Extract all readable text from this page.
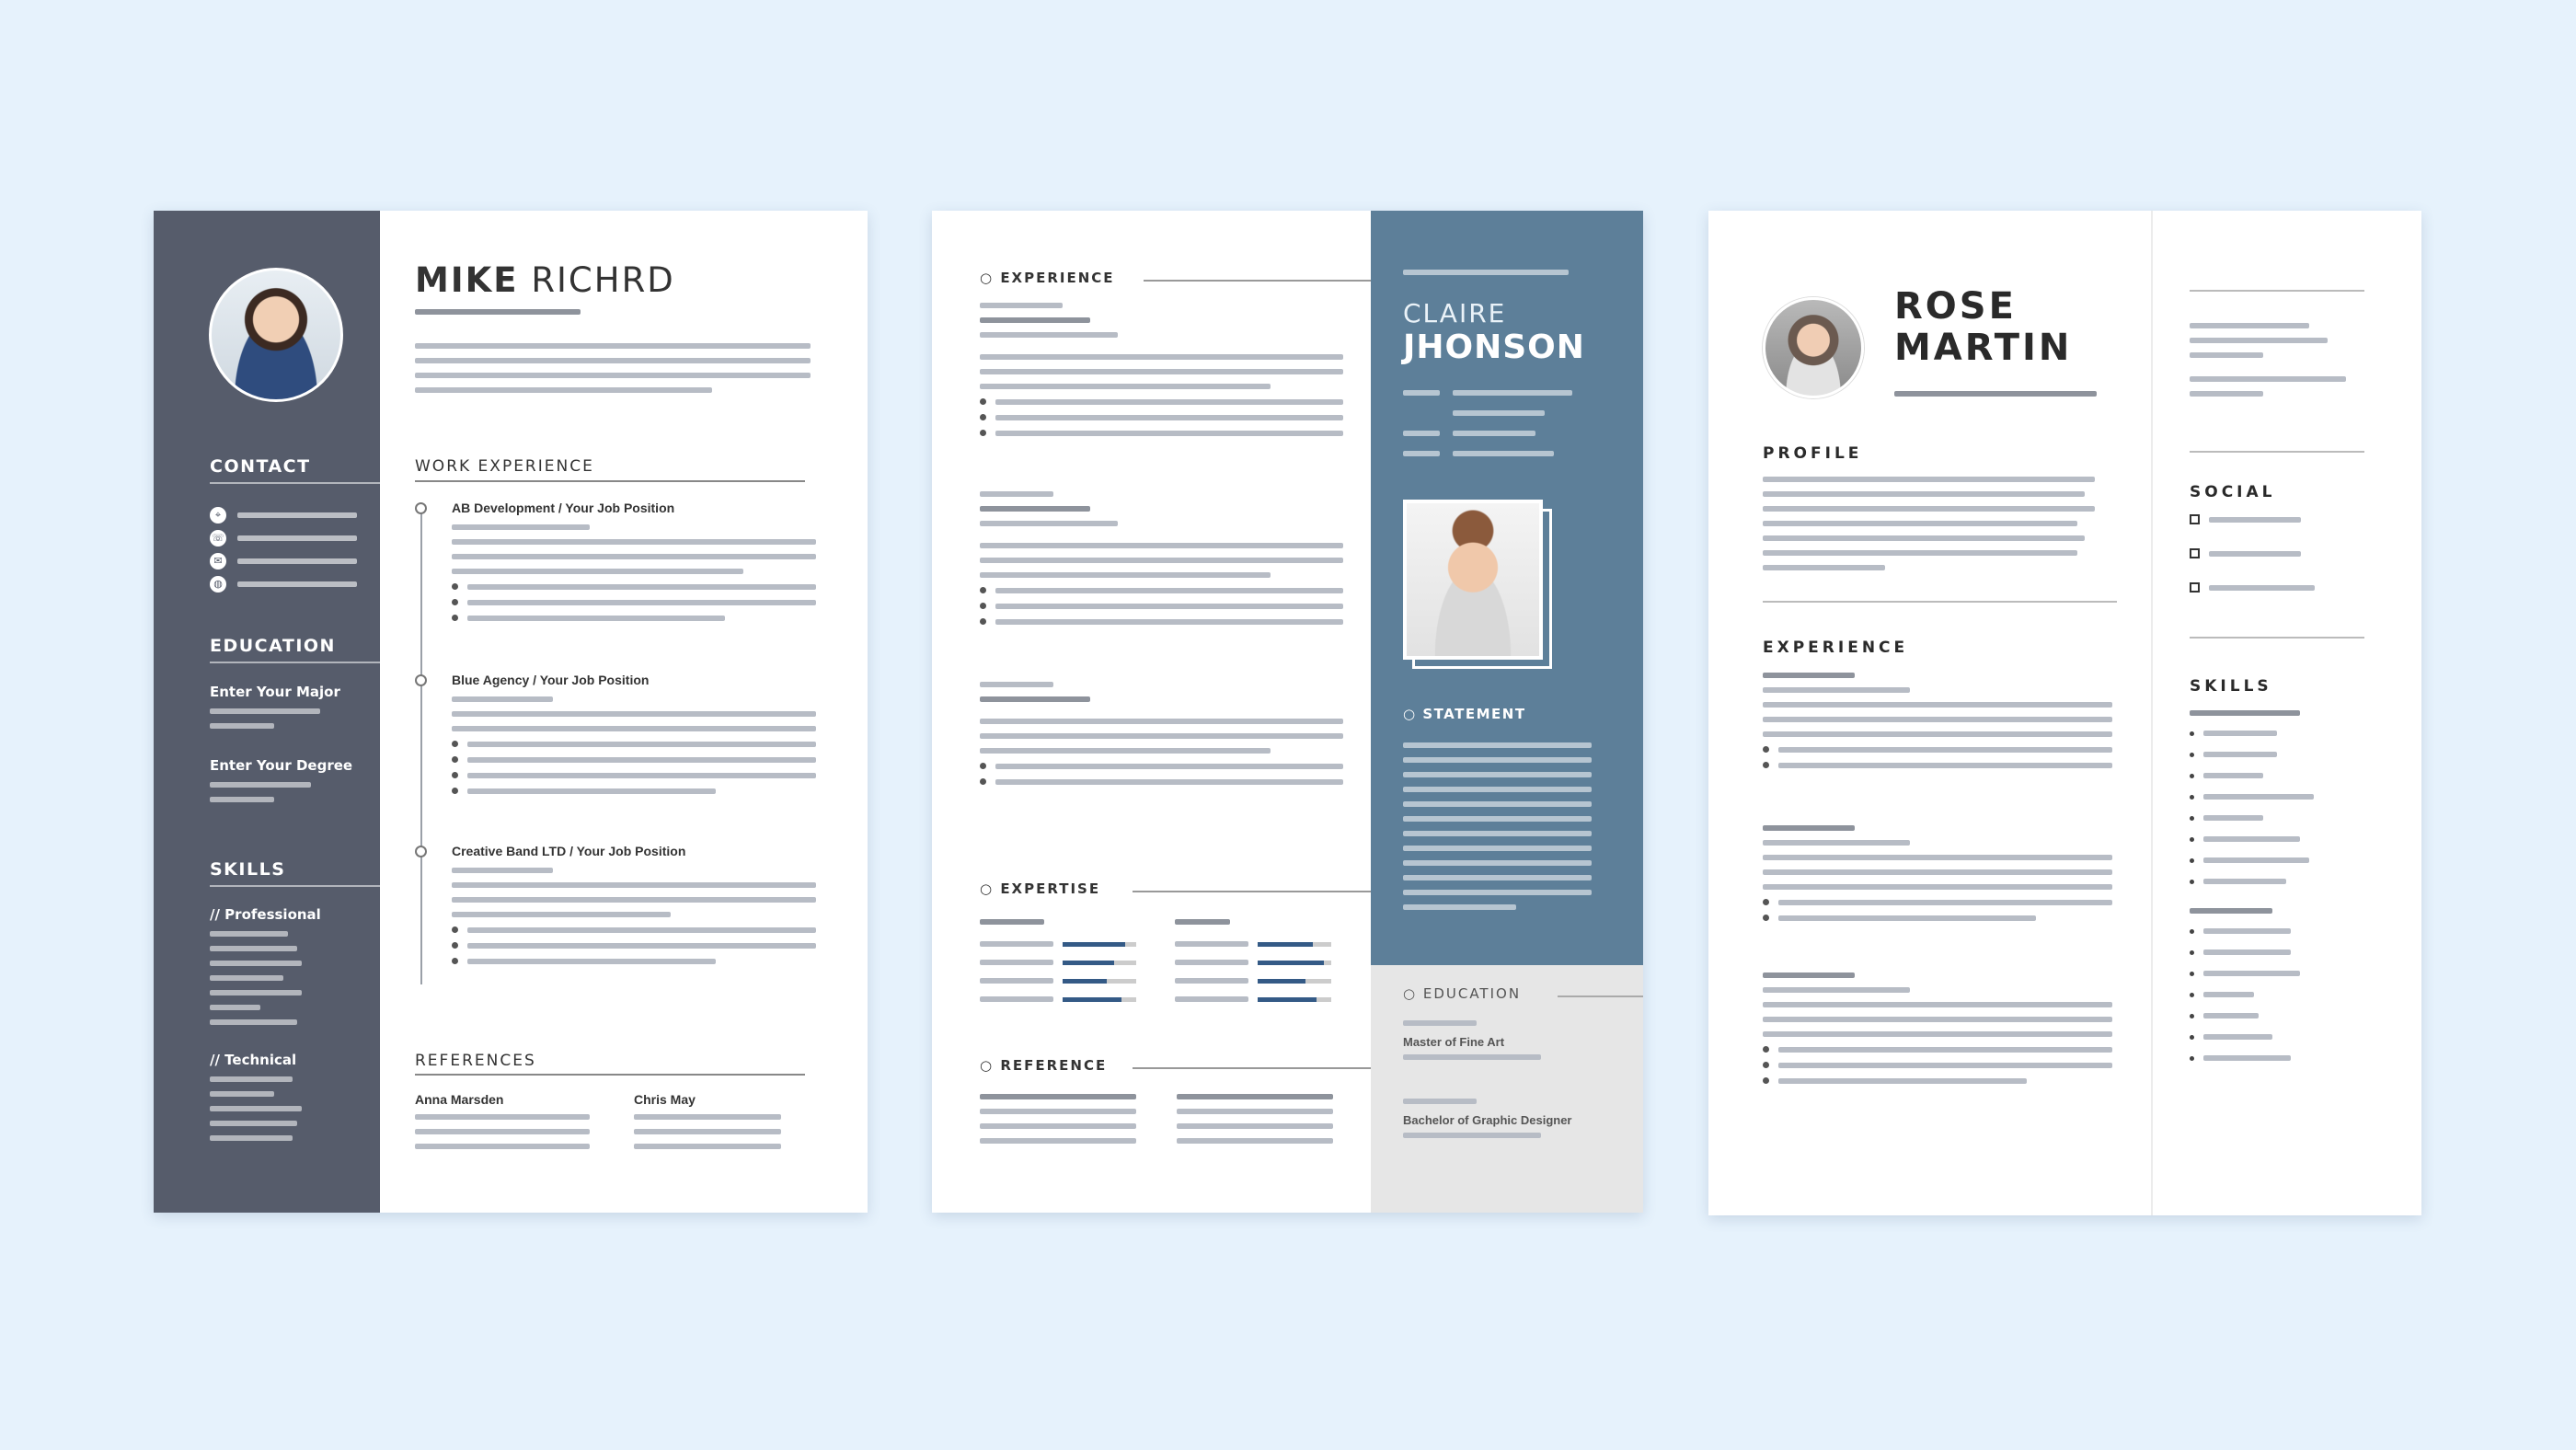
CONTACT
⌖
☏
✉
◍
EDUCATION
Enter Your Major
Enter Your Degree
SKILLS
// Professional
// Technical
MIKE RICHRD
WORK EXPERIENCE
AB Development / Your Job Position
Blue Agency / Your Job Position
Creative Band LTD / Your Job Position
REFERENCES
Anna Marsden	Chris May
○ EXPERIENCE
○ EXPERTISE
○ REFERENCE
CLAIRE
JHONSON
○ STATEMENT
○ EDUCATION
Master of Fine Art
Bachelor of Graphic Designer
ROSE
MARTIN
PROFILE
EXPERIENCE
SOCIAL
SKILLS
